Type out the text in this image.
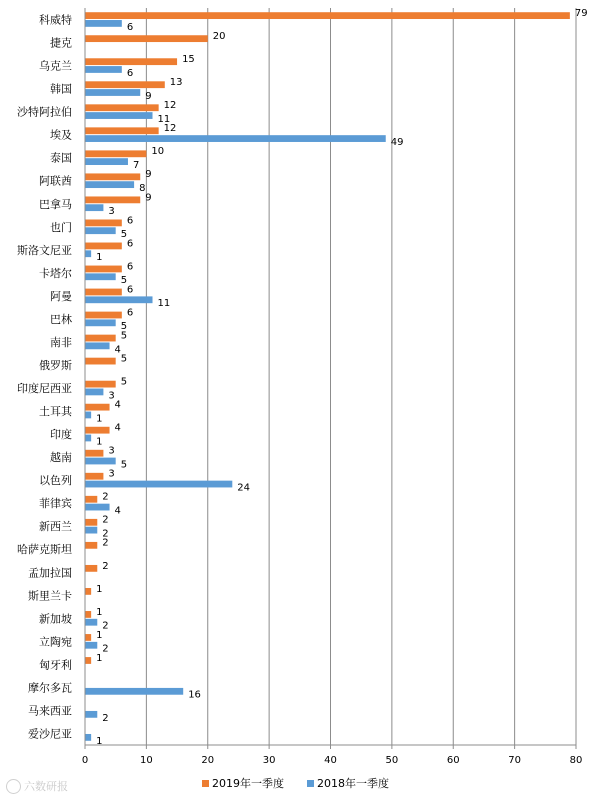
0	10	20	30	40	50	60	70	80
科威特	79
6
捷克	20
乌克兰	15
6
韩国	13
9
沙特阿拉伯	12
11
埃及	12
49
泰国	10
7
阿联酋	9
8
巴拿马	9
3
也门	6
5
斯洛文尼亚	6
1
卡塔尔	6
5
阿曼	6
11
巴林	6
5
南非	5
4
俄罗斯	5
印度尼西亚	5
3
土耳其	4
1
印度	4
1
越南	3
5
以色列	3
24
菲律宾	2
4
新西兰	2
2
哈萨克斯坦	2
孟加拉国	2
斯里兰卡 1
新加坡 1
2
立陶宛 1
2
匈牙利 1
摩尔多瓦
16
马来西亚
2
爱沙尼亚
1
2019年一季度	2018年一季度
六数研报
